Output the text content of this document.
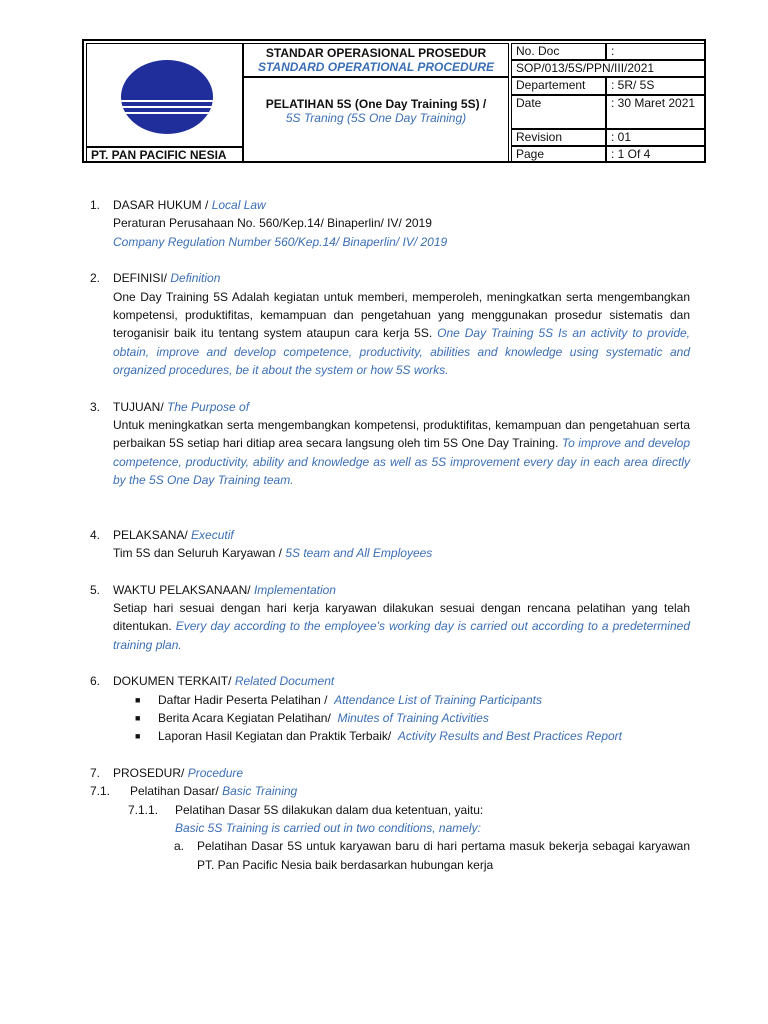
PT. PAN PACIFIC NESIA
STANDAR OPERASIONAL PROSEDUR
STANDARD OPERATIONAL PROCEDURE
PELATIHAN 5S (One Day Training 5S) /
5S Traning (5S One Day Training)
No. Doc	:
SOP/013/5S/PPN/III/2021
Departement	: 5R/ 5S
Date	: 30 Maret 2021
Revision	: 01
Page	: 1 Of 4
1. DASAR HUKUM / Local Law
Peraturan Perusahaan No. 560/Kep.14/ Binaperlin/ IV/ 2019
Company Regulation Number 560/Kep.14/ Binaperlin/ IV/ 2019
2. DEFINISI/ Definition
One Day Training 5S Adalah kegiatan untuk memberi, memperoleh, meningkatkan serta mengembangkan kompetensi, produktifitas, kemampuan dan pengetahuan yang menggunakan prosedur sistematis dan teroganisir baik itu tentang system ataupun cara kerja 5S. One Day Training 5S Is an activity to provide, obtain, improve and develop competence, productivity, abilities and knowledge using systematic and organized procedures, be it about the system or how 5S works.
3. TUJUAN/ The Purpose of
Untuk meningkatkan serta mengembangkan kompetensi, produktifitas, kemampuan dan pengetahuan serta perbaikan 5S setiap hari ditiap area secara langsung oleh tim 5S One Day Training. To improve and develop competence, productivity, ability and knowledge as well as 5S improvement every day in each area directly by the 5S One Day Training team.
4. PELAKSANA/ Executif
Tim 5S dan Seluruh Karyawan / 5S team and All Employees
5. WAKTU PELAKSANAAN/ Implementation
Setiap hari sesuai dengan hari kerja karyawan dilakukan sesuai dengan rencana pelatihan yang telah ditentukan. Every day according to the employee's working day is carried out according to a predetermined training plan.
6. DOKUMEN TERKAIT/ Related Document
■ Daftar Hadir Peserta Pelatihan / Attendance List of Training Participants
■ Berita Acara Kegiatan Pelatihan/ Minutes of Training Activities
■ Laporan Hasil Kegiatan dan Praktik Terbaik/ Activity Results and Best Practices Report
7. PROSEDUR/ Procedure
7.1. Pelatihan Dasar/ Basic Training
7.1.1. Pelatihan Dasar 5S dilakukan dalam dua ketentuan, yaitu:
Basic 5S Training is carried out in two conditions, namely:
a. Pelatihan Dasar 5S untuk karyawan baru di hari pertama masuk bekerja sebagai karyawan PT. Pan Pacific Nesia baik berdasarkan hubungan kerja
